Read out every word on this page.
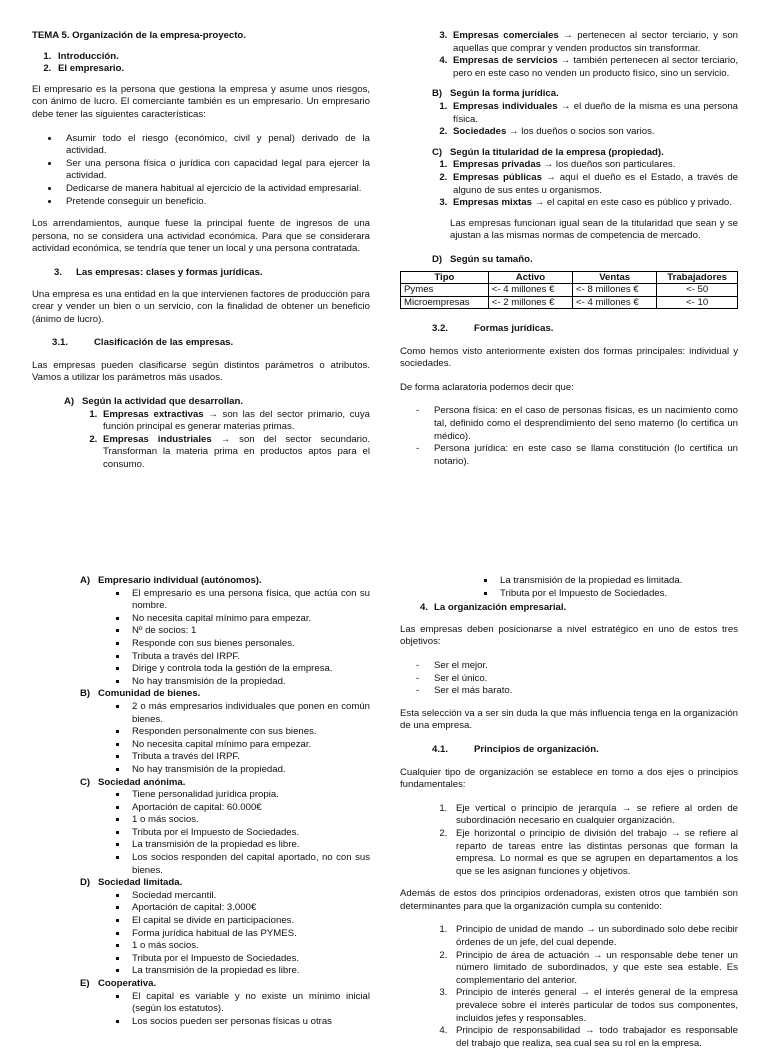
TEMA 5. Organización de la empresa-proyecto.
1. Introducción.
2. El empresario.

El empresario es la persona que gestiona la empresa y asume unos riesgos, con ánimo de lucro. El comerciante también es un empresario. Un empresario debe tener las siguientes características:

• Asumir todo el riesgo (económico, civil y penal) derivado de la actividad.
• Ser una persona física o jurídica con capacidad legal para ejercer la actividad.
• Dedicarse de manera habitual al ejercicio de la actividad empresarial.
• Pretende conseguir un beneficio.

Los arrendamientos, aunque fuese la principal fuente de ingresos de una persona, no se considera una actividad económica. Para que se considerara actividad económica, se tendría que tener un local y una persona contratada.

3. Las empresas: clases y formas jurídicas.

Una empresa es una entidad en la que intervienen factores de producción para crear y vender un bien o un servicio, con la finalidad de obtener un beneficio (ánimo de lucro).

3.1.	Clasificación de las empresas.

Las empresas pueden clasificarse según distintos parámetros o atributos. Vamos a utilizar los parámetros más usados.

A) Según la actividad que desarrollan.
1. Empresas extractivas → son las del sector primario, cuya función principal es generar materias primas.
2. Empresas industriales → son del sector secundario. Transforman la materia prima en productos aptos para el consumo.
3. Empresas comerciales → pertenecen al sector terciario, y son aquellas que comprar y venden productos sin transformar.
4. Empresas de servicios → también pertenecen al sector terciario, pero en este caso no venden un producto físico, sino un servicio.
B) Según la forma jurídica.
1. Empresas individuales → el dueño de la misma es una persona física.
2. Sociedades → los dueños o socios son varios.
C) Según la titularidad de la empresa (propiedad).
1. Empresas privadas → los dueños son particulares.
2. Empresas públicas → aquí el dueño es el Estado, a través de alguno de sus entes u organismos.
3. Empresas mixtas → el capital en este caso es público y privado.

Las empresas funcionan igual sean de la titularidad que sean y se ajustan a las mismas normas de competencia de mercado.

D) Según su tamaño.
Tipo	Activo	Ventas	Trabajadores
Pymes	<- 4 millones €	<- 8 millones €	<- 50
Microempresas	<- 2 millones €	<- 4 millones €	<- 10
3.2.	Formas jurídicas.

Como hemos visto anteriormente existen dos formas principales: individual y sociedades.

De forma aclaratoria podemos decir que:

- Persona física: en el caso de personas físicas, es un nacimiento como tal, definido como el desprendimiento del seno materno (lo certifica un médico).
- Persona jurídica: en este caso se llama constitución (lo certifica un notario).
A) Empresario individual (autónomos).
▪ El empresario es una persona física, que actúa con su nombre.
▪ No necesita capital mínimo para empezar.
▪ Nº de socios: 1
▪ Responde con sus bienes personales.
▪ Tributa a través del IRPF.
▪ Dirige y controla toda la gestión de la empresa.
▪ No hay transmisión de la propiedad.
B) Comunidad de bienes.
▪ 2 o más empresarios individuales que ponen en común bienes.
▪ Responden personalmente con sus bienes.
▪ No necesita capital mínimo para empezar.
▪ Tributa a través del IRPF.
▪ No hay transmisión de la propiedad.
C) Sociedad anónima.
▪ Tiene personalidad jurídica propia.
▪ Aportación de capital: 60.000€
▪ 1 o más socios.
▪ Tributa por el Impuesto de Sociedades.
▪ La transmisión de la propiedad es libre.
▪ Los socios responden del capital aportado, no con sus bienes.
D) Sociedad limitada.
▪ Sociedad mercantil.
▪ Aportación de capital: 3.000€
▪ El capital se divide en participaciones.
▪ Forma jurídica habitual de las PYMES.
▪ 1 o más socios.
▪ Tributa por el Impuesto de Sociedades.
▪ La transmisión de la propiedad es libre.
E) Cooperativa.
▪ El capital es variable y no existe un mínimo inicial (según los estatutos).
▪ Los socios pueden ser personas físicas u otras
▪ La transmisión de la propiedad es limitada.
▪ Tributa por el Impuesto de Sociedades.
4. La organización empresarial.

Las empresas deben posicionarse a nivel estratégico en uno de estos tres objetivos:

- Ser el mejor.
- Ser el único.
- Ser el más barato.

Esta selección va a ser sin duda la que más influencia tenga en la organización de una empresa.

4.1.	Principios de organización.

Cualquier tipo de organización se establece en torno a dos ejes o principios fundamentales:

1. Eje vertical o principio de jerarquía → se refiere al orden de subordinación necesario en cualquier organización.
2. Eje horizontal o principio de división del trabajo → se refiere al reparto de tareas entre las distintas personas que forman la empresa. Lo normal es que se agrupen en departamentos a los que se les asignan funciones y objetivos.

Además de estos dos principios ordenadoras, existen otros que también son determinantes para que la organización cumpla su contenido:

1. Principio de unidad de mando → un subordinado solo debe recibir órdenes de un jefe, del cual depende.
2. Principio de área de actuación → un responsable debe tener un número limitado de subordinados, y que este sea estable. Es complementario del anterior.
3. Principio de interés general → el interés general de la empresa prevalece sobre el interés particular de todos sus componentes, incluidos jefes y responsables.
4. Principio de responsabilidad → todo trabajador es responsable del trabajo que realiza, sea cual sea su rol en la empresa.
